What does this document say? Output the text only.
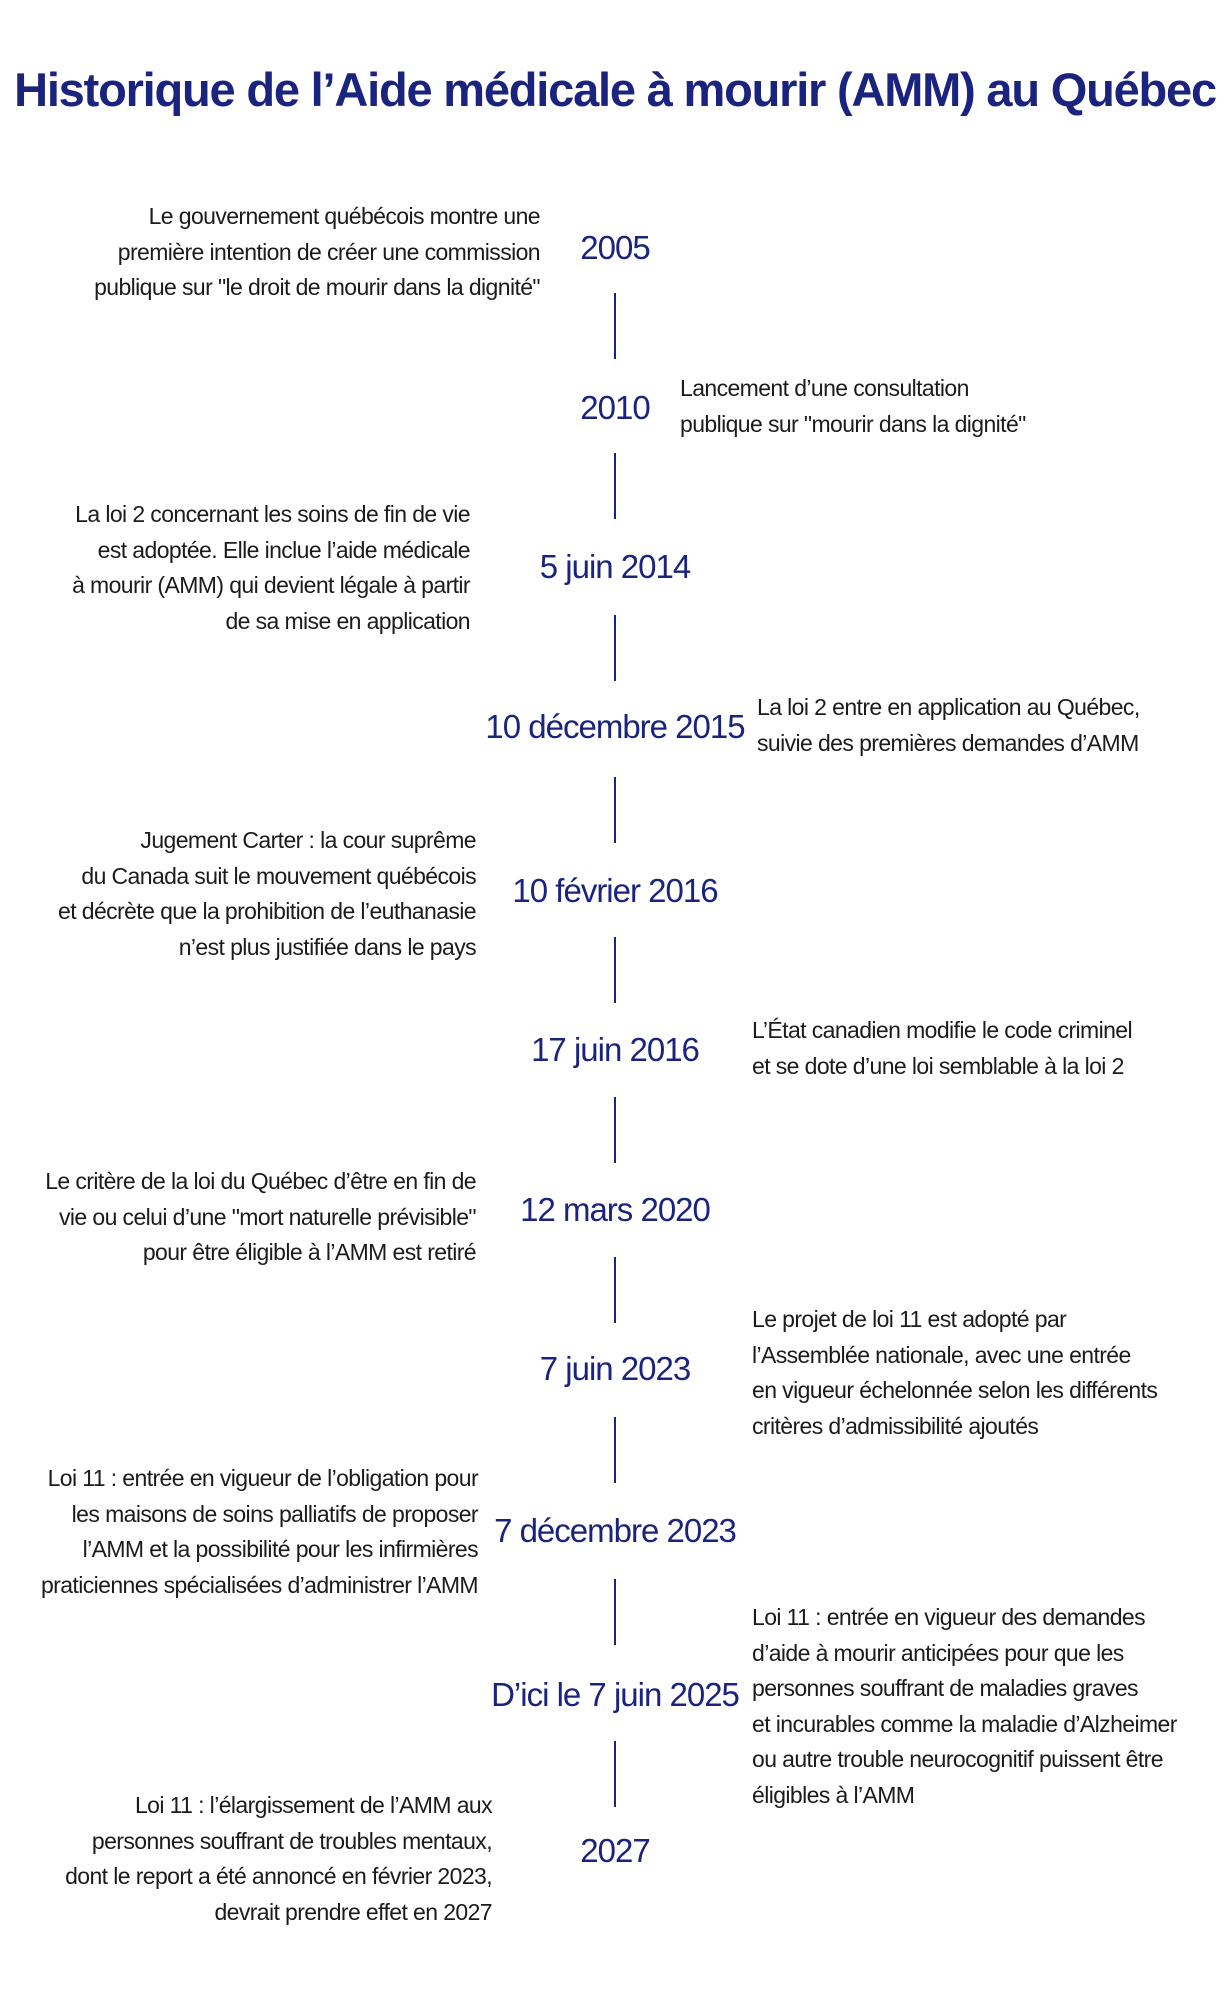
Historique de l’Aide médicale à mourir (AMM) au Québec
2005
2010
5 juin 2014
10 décembre 2015
10 février 2016
17 juin 2016
12 mars 2020
7 juin 2023
7 décembre 2023
D’ici le 7 juin 2025
2027
Le gouvernement québécois montre une
première intention de créer une commission
publique sur "le droit de mourir dans la dignité"
Lancement d’une consultation
publique sur "mourir dans la dignité"
La loi 2 concernant les soins de fin de vie
est adoptée. Elle inclue l’aide médicale
à mourir (AMM) qui devient légale à partir
de sa mise en application
La loi 2 entre en application au Québec,
suivie des premières demandes d’AMM
Jugement Carter : la cour suprême
du Canada suit le mouvement québécois
et décrète que la prohibition de l’euthanasie
n’est plus justifiée dans le pays
L’État canadien modifie le code criminel
et se dote d’une loi semblable à la loi 2
Le critère de la loi du Québec d’être en fin de
vie ou celui d’une "mort naturelle prévisible"
pour être éligible à l’AMM est retiré
Le projet de loi 11 est adopté par
l’Assemblée nationale, avec une entrée
en vigueur échelonnée selon les différents
critères d’admissibilité ajoutés
Loi 11 : entrée en vigueur de l’obligation pour
les maisons de soins palliatifs de proposer
l’AMM et la possibilité pour les infirmières
praticiennes spécialisées d’administrer l’AMM
Loi 11 : entrée en vigueur des demandes
d’aide à mourir anticipées pour que les
personnes souffrant de maladies graves
et incurables comme la maladie d’Alzheimer
ou autre trouble neurocognitif puissent être
éligibles à l’AMM
Loi 11 : l’élargissement de l’AMM aux
personnes souffrant de troubles mentaux,
dont le report a été annoncé en février 2023,
devrait prendre effet en 2027
